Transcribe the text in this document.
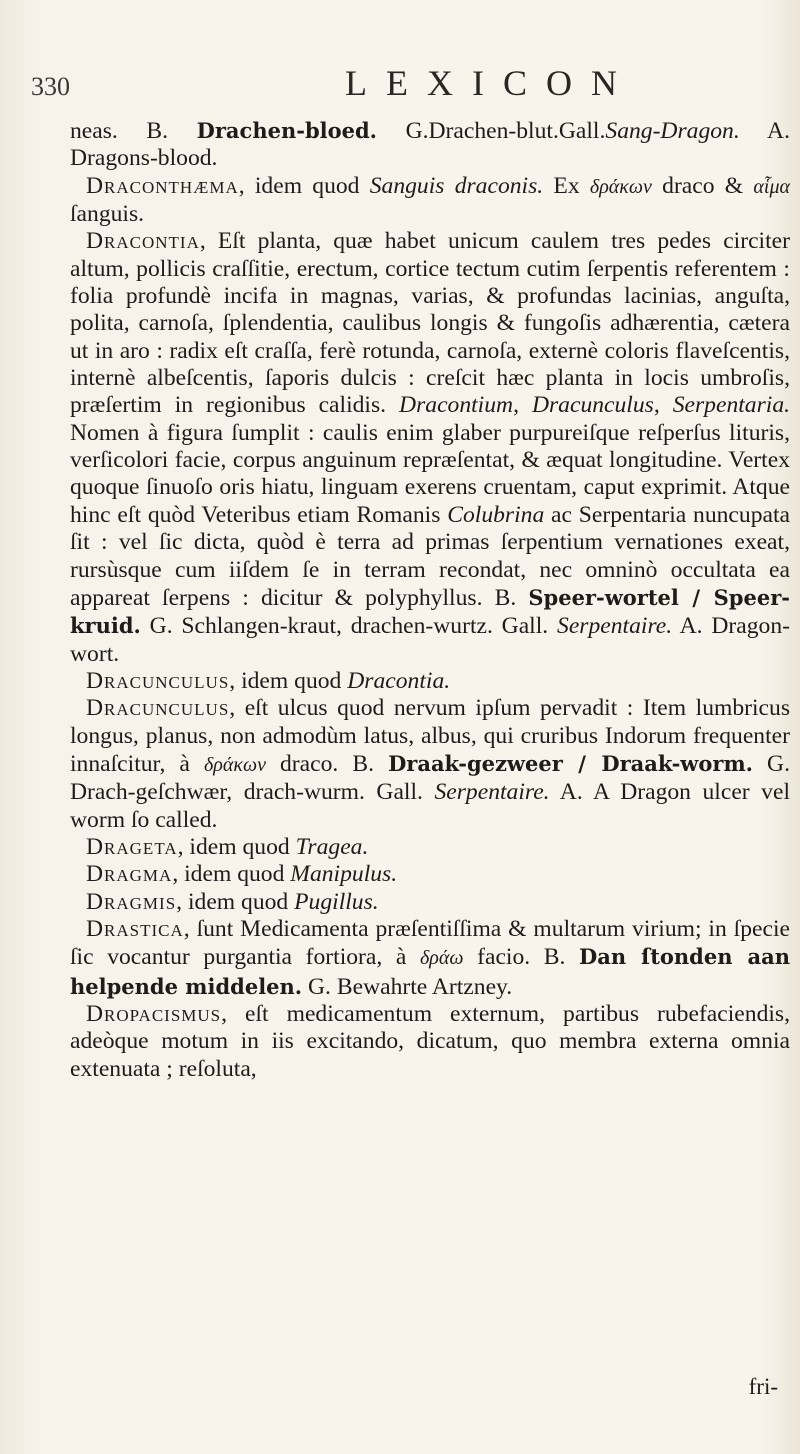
330	LEXICON

neas. B. Drachen-bloed. G.Drachen-blut.Gall.Sang-Dragon. A. Dragons-blood.

Draconthæma, idem quod Sanguis draconis. Ex δράκων draco & αἷμα ſanguis.

Dracontia, Eſt planta, quæ habet unicum caulem tres pedes circiter altum, pollicis craſſitie, erectum, cortice tectum cutim ſerpentis referentem : folia profundè incifa in magnas, varias, & profundas lacinias, anguſta, polita, carnoſa, ſplendentia, caulibus longis & fungoſis adhærentia, cætera ut in aro : radix eſt craſſa, ferè rotunda, carnoſa, externè coloris flaveſcentis, internè albeſcentis, ſaporis dulcis : creſcit hæc planta in locis umbroſis, præſertim in regionibus calidis. Dracontium, Dracunculus, Serpentaria. Nomen à figura ſumplit : caulis enim glaber purpureiſque reſperſus lituris, verſicolori facie, corpus anguinum repræſentat, & æquat longitudine. Vertex quoque ſinuoſo oris hiatu, linguam exerens cruentam, caput exprimit. Atque hinc eſt quòd Veteribus etiam Romanis Colubrina ac Serpentaria nuncupata ſit : vel ſic dicta, quòd è terra ad primas ſerpentium vernationes exeat, rursùsque cum iiſdem ſe in terram recondat, nec omninò occultata ea appareat ſerpens : dicitur & polyphyllus. B. Speer-wortel / Speer-kruid. G. Schlangen-kraut, drachen-wurtz. Gall. Serpentaire. A. Dragon-wort.

Dracunculus, idem quod Dracontia.

Dracunculus, eſt ulcus quod nervum ipſum pervadit : Item lumbricus longus, planus, non admodùm latus, albus, qui cruribus Indorum frequenter innaſcitur, à δράκων draco. B. Draak-gezweer / Draak-worm. G. Drach-geſchwær, drach-wurm. Gall. Serpentaire. A. A Dragon ulcer vel worm ſo called.

Drageta, idem quod Tragea.

Dragma, idem quod Manipulus.

Dragmis, idem quod Pugillus.

Drastica, ſunt Medicamenta præſentiſſima & multarum virium; in ſpecie ſic vocantur purgantia fortiora, à δράω facio. B. Dan ſtonden aan helpende middelen. G. Bewahrte Artzney.

Dropacismus, eſt medicamentum externum, partibus rubefaciendis, adeòque motum in iis excitando, dicatum, quo membra externa omnia extenuata ; reſoluta,

fri-
